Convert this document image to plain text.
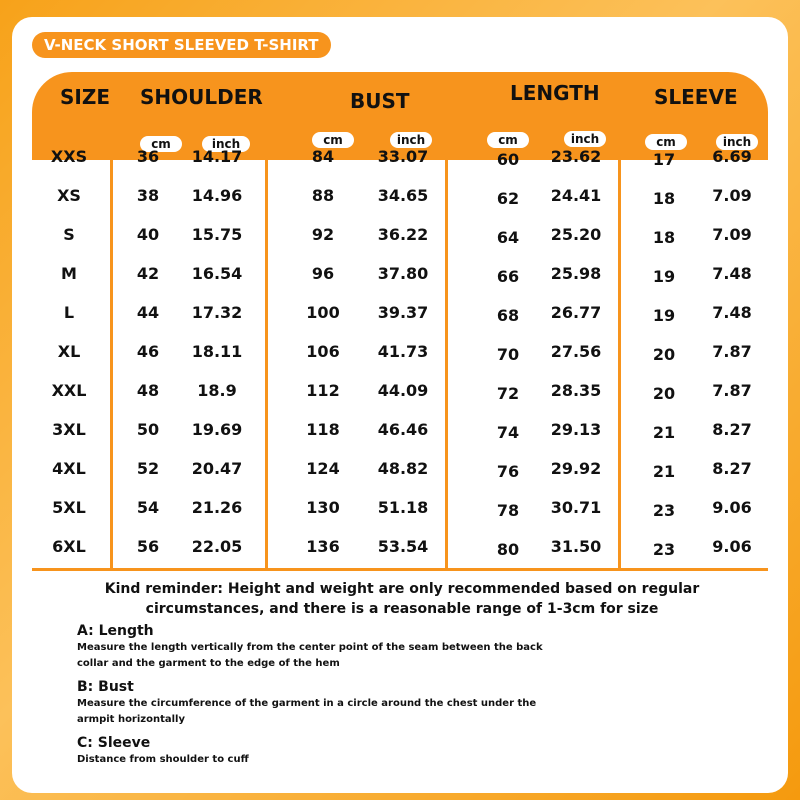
V-NECK SHORT SLEEVED T-SHIRT
SIZE SHOULDER	BUST	LENGTH	SLEEVE
cm	inch	cm	inch	cm	inch	cm	inch
XXS	36	14.17	84	33.07	60	23.62	17	6.69
XS	38	14.96	88	34.65	62	24.41	18	7.09
S	40	15.75	92	36.22	64	25.20	18	7.09
M	42	16.54	96	37.80	66	25.98	19	7.48
L	44	17.32	100	39.37	68	26.77	19	7.48
XL	46	18.11	106	41.73	70	27.56	20	7.87
XXL	48	18.9	112	44.09	72	28.35	20	7.87
3XL	50	19.69	118	46.46	74	29.13	21	8.27
4XL	52	20.47	124	48.82	76	29.92	21	8.27
5XL	54	21.26	130	51.18	78	30.71	23	9.06
6XL	56	22.05	136	53.54	80	31.50	23	9.06
Kind reminder: Height and weight are only recommended based on regular circumstances, and there is a reasonable range of 1-3cm for size
A: Length
Measure the length vertically from the center point of the seam between the back collar and the garment to the edge of the hem
B: Bust
Measure the circumference of the garment in a circle around the chest under the armpit horizontally
C: Sleeve
Distance from shoulder to cuff
